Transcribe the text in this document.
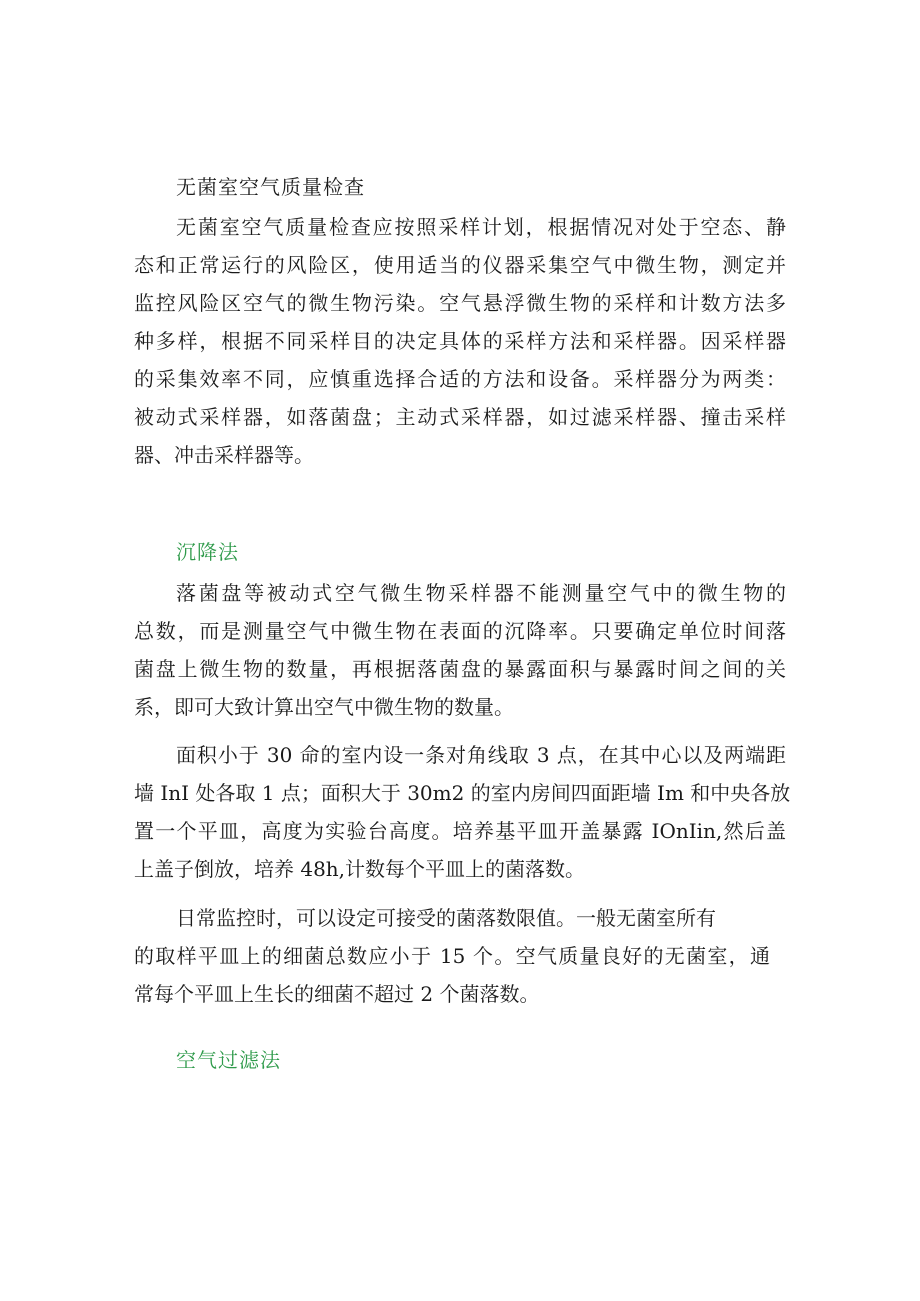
无菌室空气质量检查
无菌室空气质量检查应按照采样计划，根据情况对处于空态、静
态和正常运行的风险区，使用适当的仪器采集空气中微生物，测定并
监控风险区空气的微生物污染。空气悬浮微生物的采样和计数方法多
种多样，根据不同采样目的决定具体的采样方法和采样器。因采样器
的采集效率不同，应慎重选择合适的方法和设备。采样器分为两类：
被动式采样器，如落菌盘；主动式采样器，如过滤采样器、撞击采样
器、冲击采样器等。
沉降法
落菌盘等被动式空气微生物采样器不能测量空气中的微生物的
总数，而是测量空气中微生物在表面的沉降率。只要确定单位时间落
菌盘上微生物的数量，再根据落菌盘的暴露面积与暴露时间之间的关
系，即可大致计算出空气中微生物的数量。
面积小于 30 命的室内设一条对角线取 3 点，在其中心以及两端距
墙 InI 处各取 1 点；面积大于 30m2 的室内房间四面距墙 Im 和中央各放
置一个平皿，高度为实验台高度。培养基平皿开盖暴露 IOnIin,然后盖
上盖子倒放，培养 48h,计数每个平皿上的菌落数。
日常监控时，可以设定可接受的菌落数限值。一般无菌室所有
的取样平皿上的细菌总数应小于 15 个。空气质量良好的无菌室，通
常每个平皿上生长的细菌不超过 2 个菌落数。
空气过滤法
